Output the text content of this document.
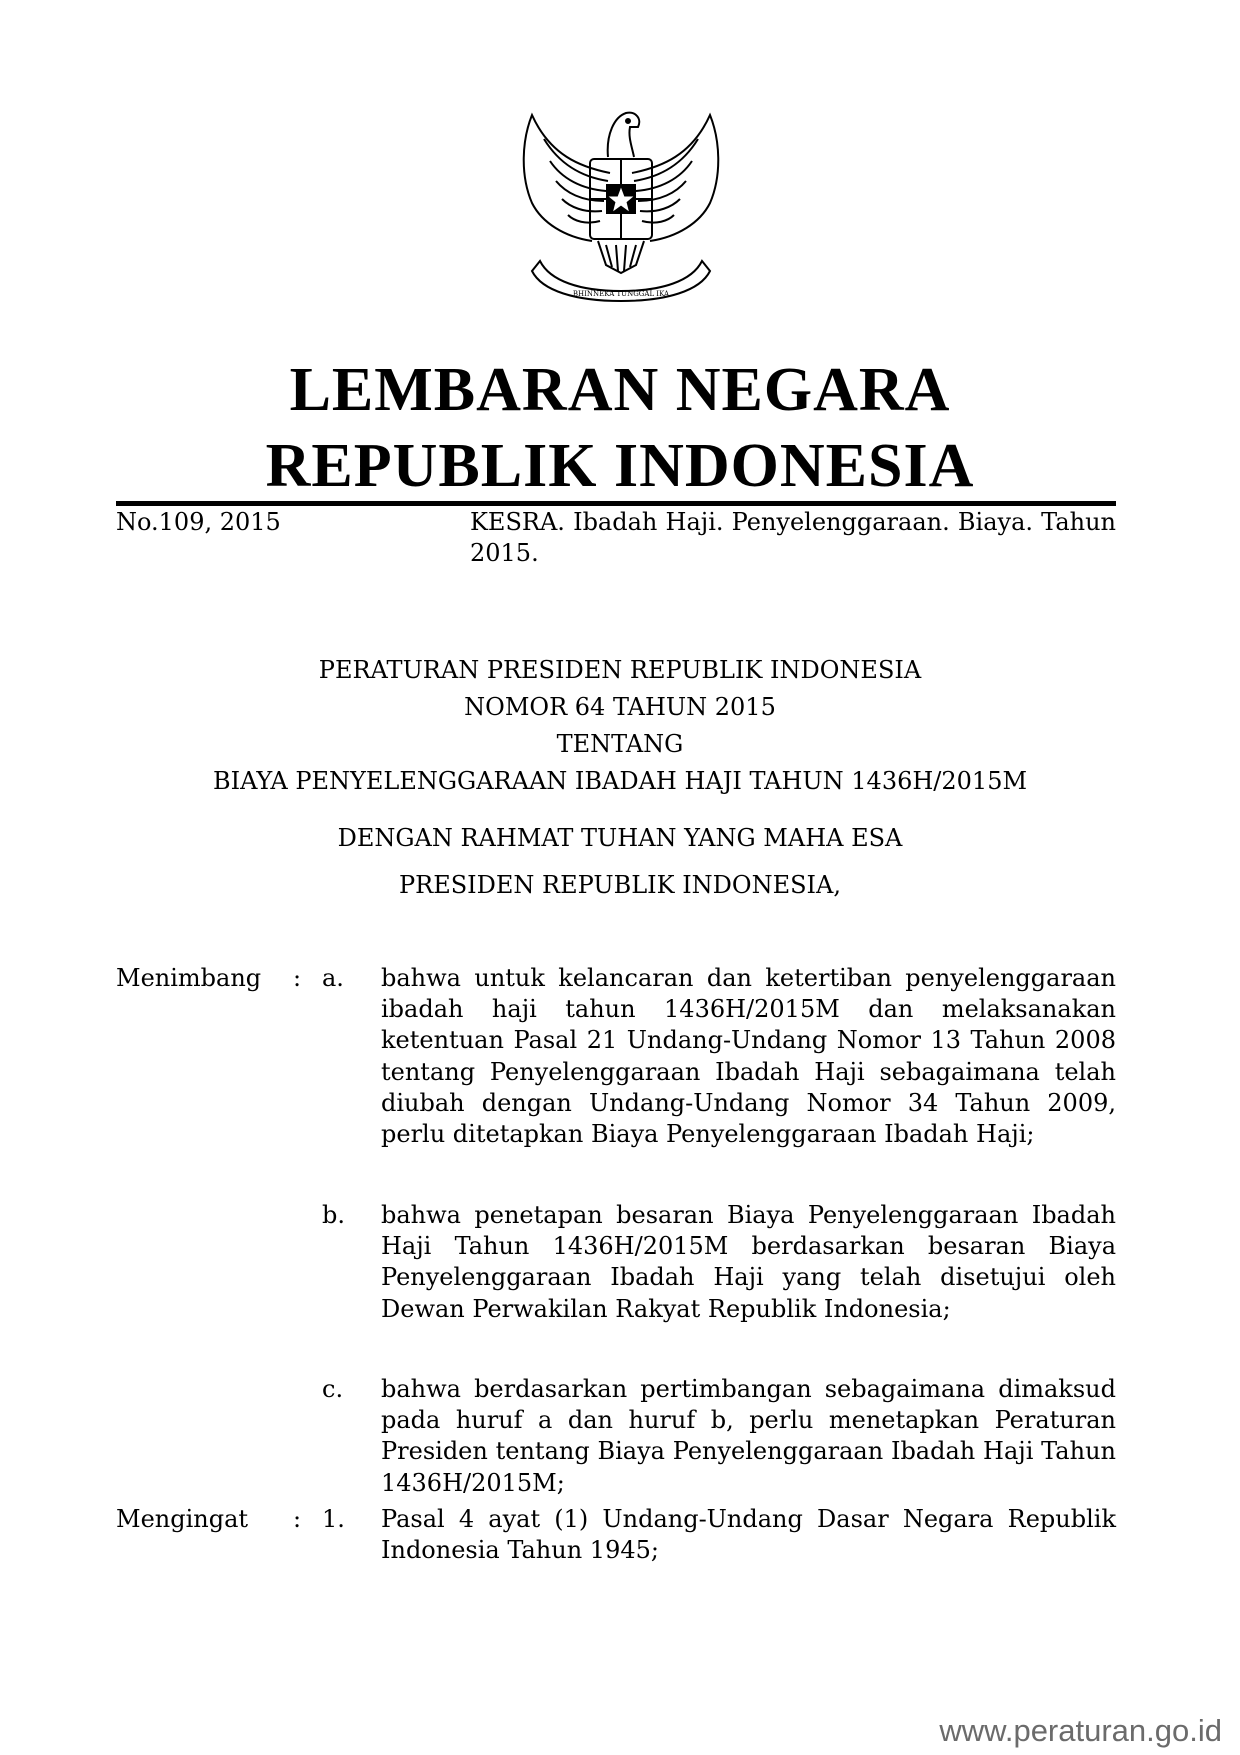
BHINNEKA TUNGGAL IKA
LEMBARAN NEGARA
REPUBLIK INDONESIA
No.109, 2015	KESRA. Ibadah Haji. Penyelenggaraan. Biaya. Tahun 2015.
PERATURAN PRESIDEN REPUBLIK INDONESIA
NOMOR 64 TAHUN 2015
TENTANG
BIAYA PENYELENGGARAAN IBADAH HAJI TAHUN 1436H/2015M
DENGAN RAHMAT TUHAN YANG MAHA ESA
PRESIDEN REPUBLIK INDONESIA,
Menimbang : a. bahwa untuk kelancaran dan ketertiban penyelenggaraan ibadah haji tahun 1436H/2015M dan melaksanakan ketentuan Pasal 21 Undang-Undang Nomor 13 Tahun 2008 tentang Penyelenggaraan Ibadah Haji sebagaimana telah diubah dengan Undang-Undang Nomor 34 Tahun 2009, perlu ditetapkan Biaya Penyelenggaraan Ibadah Haji;
b. bahwa penetapan besaran Biaya Penyelenggaraan Ibadah Haji Tahun 1436H/2015M berdasarkan besaran Biaya Penyelenggaraan Ibadah Haji yang telah disetujui oleh Dewan Perwakilan Rakyat Republik Indonesia;
c. bahwa berdasarkan pertimbangan sebagaimana dimaksud pada huruf a dan huruf b, perlu menetapkan Peraturan Presiden tentang Biaya Penyelenggaraan Ibadah Haji Tahun 1436H/2015M;
Mengingat : 1. Pasal 4 ayat (1) Undang-Undang Dasar Negara Republik Indonesia Tahun 1945;
www.peraturan.go.id
